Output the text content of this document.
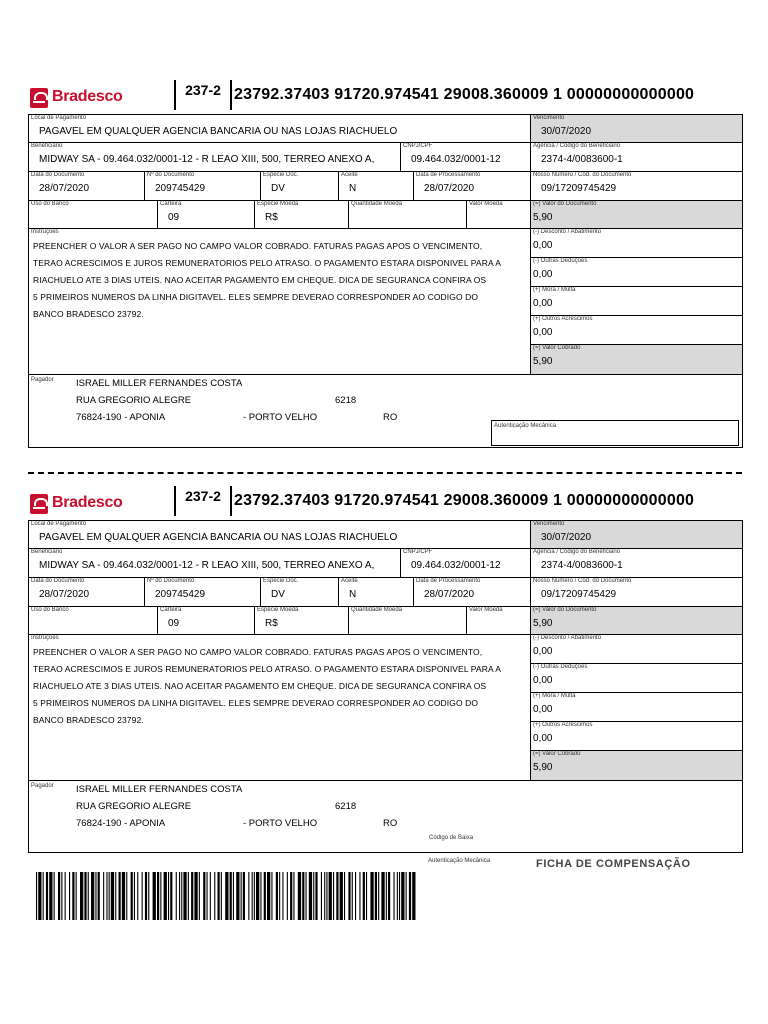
Bradesco	237-2 23792.37403 91720.974541 29008.360009 1 00000000000000
Local de Pagamento
PAGAVEL EM QUALQUER AGENCIA BANCARIA OU NAS LOJAS RIACHUELO
Vencimento
30/07/2020
Beneficiário
MIDWAY SA - 09.464.032/0001-12 - R LEAO XIII, 500, TERREO ANEXO A,
CNPJ/CPF
09.464.032/0001-12
Agência / Código do Beneficiário
2374-4/0083600-1
Data do Documento
28/07/2020
Nº do Documento
209745429
Espécie Doc.
DV
Aceite
N
Data de Processamento
28/07/2020
Nosso Número / Cód. do Documento
09/17209745429
Uso do Banco	Carteira
09
Espécie Moeda
R$
Quantidade Moeda	Valor Moeda	(=) Valor do Documento
5,90
Instruções
PREENCHER O VALOR A SER PAGO NO CAMPO VALOR COBRADO. FATURAS PAGAS APOS O VENCIMENTO,
TERAO ACRESCIMOS E JUROS REMUNERATORIOS PELO ATRASO. O PAGAMENTO ESTARA DISPONIVEL PARA A
RIACHUELO ATE 3 DIAS UTEIS. NAO ACEITAR PAGAMENTO EM CHEQUE. DICA DE SEGURANCA CONFIRA OS
5 PRIMEIROS NUMEROS DA LINHA DIGITAVEL. ELES SEMPRE DEVERAO CORRESPONDER AO CODIGO DO
BANCO BRADESCO 23792.
(-) Desconto / Abatimento
0,00
(-) Outras Deduções
0,00
(+) Mora / Multa
0,00
(+) Outros Acréscimos
0,00
(=) Valor Cobrado
5,90
Pagador ISRAEL MILLER FERNANDES COSTA
RUA GREGORIO ALEGRE	6218
76824-190 - APONIA	- PORTO VELHO	RO
Autenticação Mecânica
Bradesco	237-2 23792.37403 91720.974541 29008.360009 1 00000000000000
Local de Pagamento
PAGAVEL EM QUALQUER AGENCIA BANCARIA OU NAS LOJAS RIACHUELO
Vencimento
30/07/2020
Beneficiário
MIDWAY SA - 09.464.032/0001-12 - R LEAO XIII, 500, TERREO ANEXO A,
CNPJ/CPF
09.464.032/0001-12
Agência / Código do Beneficiário
2374-4/0083600-1
Data do Documento
28/07/2020
Nº do Documento
209745429
Espécie Doc.
DV
Aceite
N
Data de Processamento
28/07/2020
Nosso Número / Cód. do Documento
09/17209745429
Uso do Banco	Carteira
09
Espécie Moeda
R$
Quantidade Moeda	Valor Moeda	(=) Valor do Documento
5,90
Instruções
PREENCHER O VALOR A SER PAGO NO CAMPO VALOR COBRADO. FATURAS PAGAS APOS O VENCIMENTO,
TERAO ACRESCIMOS E JUROS REMUNERATORIOS PELO ATRASO. O PAGAMENTO ESTARA DISPONIVEL PARA A
RIACHUELO ATE 3 DIAS UTEIS. NAO ACEITAR PAGAMENTO EM CHEQUE. DICA DE SEGURANCA CONFIRA OS
5 PRIMEIROS NUMEROS DA LINHA DIGITAVEL. ELES SEMPRE DEVERAO CORRESPONDER AO CODIGO DO
BANCO BRADESCO 23792.
(-) Desconto / Abatimento
0,00
(-) Outras Deduções
0,00
(+) Mora / Multa
0,00
(+) Outros Acréscimos
0,00
(=) Valor Cobrado
5,90
Pagador ISRAEL MILLER FERNANDES COSTA
RUA GREGORIO ALEGRE	6218
76824-190 - APONIA	- PORTO VELHO	RO
Código de Baixa
Autenticação Mecânica	FICHA DE COMPENSAÇÃO
